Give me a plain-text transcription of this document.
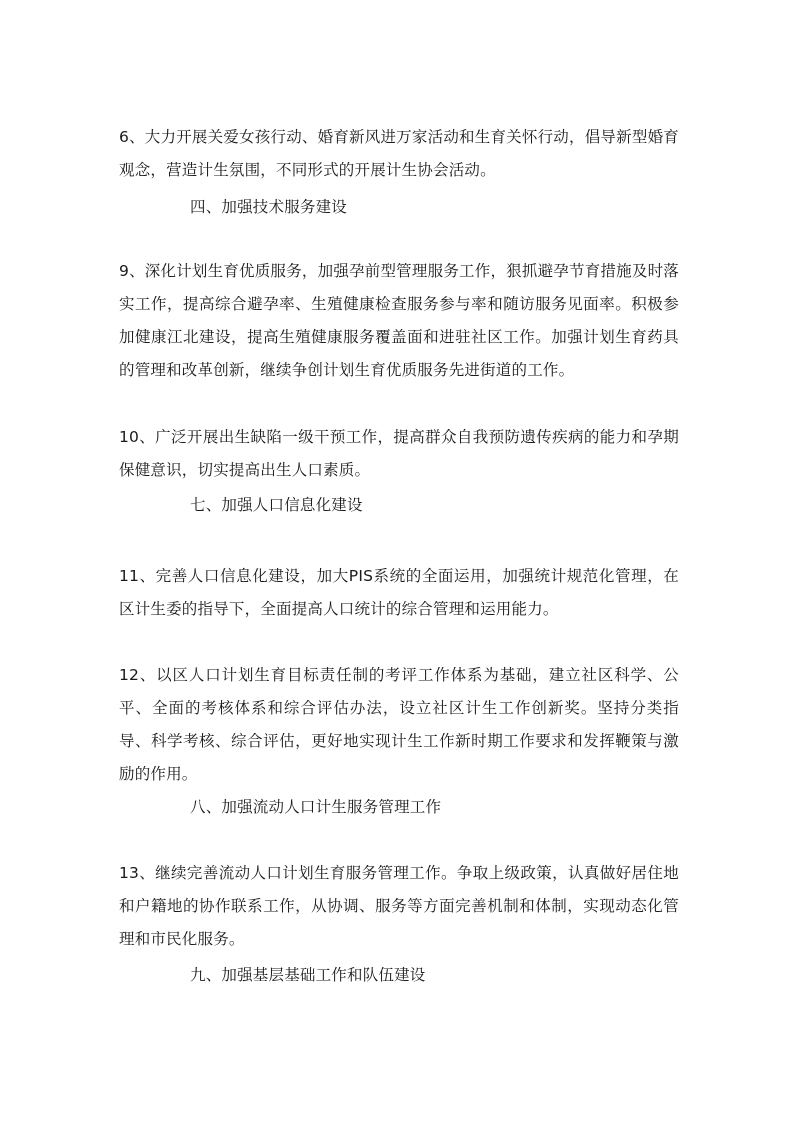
6、大力开展关爱女孩行动、婚育新风进万家活动和生育关怀行动，倡导新型婚育观念，营造计生氛围，不同形式的开展计生协会活动。

四、加强技术服务建设

9、深化计划生育优质服务，加强孕前型管理服务工作，狠抓避孕节育措施及时落实工作，提高综合避孕率、生殖健康检查服务参与率和随访服务见面率。积极参加健康江北建设，提高生殖健康服务覆盖面和进驻社区工作。加强计划生育药具的管理和改革创新，继续争创计划生育优质服务先进街道的工作。

10、广泛开展出生缺陷一级干预工作，提高群众自我预防遗传疾病的能力和孕期保健意识，切实提高出生人口素质。

七、加强人口信息化建设

11、完善人口信息化建设，加大PIS系统的全面运用，加强统计规范化管理，在区计生委的指导下，全面提高人口统计的综合管理和运用能力。

12、以区人口计划生育目标责任制的考评工作体系为基础，建立社区科学、公平、全面的考核体系和综合评估办法，设立社区计生工作创新奖。坚持分类指导、科学考核、综合评估，更好地实现计生工作新时期工作要求和发挥鞭策与激励的作用。

八、加强流动人口计生服务管理工作

13、继续完善流动人口计划生育服务管理工作。争取上级政策，认真做好居住地和户籍地的协作联系工作，从协调、服务等方面完善机制和体制，实现动态化管理和市民化服务。

九、加强基层基础工作和队伍建设
